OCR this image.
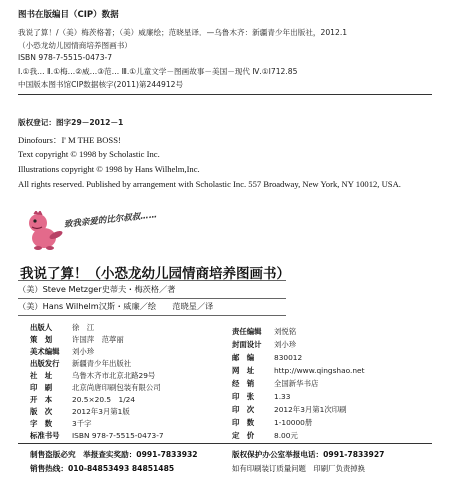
图书在版编目（CIP）数据
我说了算！/（美）梅茨格著；（美）威廉绘；范晓星译．—乌鲁木齐：新疆青少年出版社，2012.1
（小恐龙幼儿园情商培养图画书）
ISBN 978-7-5515-0473-7
Ⅰ.①我… Ⅱ.①梅…②威…③范… Ⅲ.①儿童文学－图画故事－美国－现代 Ⅳ.①I712.85
中国版本图书馆CIP数据核字(2011)第244912号
版权登记：图字29－2012－1
Dinofours：I' M THE BOSS!
Text copyright © 1998 by Scholastic Inc.
Illustrations copyright © 1998 by Hans Wilhelm,Inc.
All rights reserved. Published by arrangement with Scholastic Inc. 557 Broadway, New York, NY 10012, USA.
致我亲爱的比尔叔叔……
我说了算！（小恐龙幼儿园情商培养图画书）
（美）Steve Metzger史蒂夫・梅茨格／著
（美）Hans Wilhelm汉斯・威廉／绘　　范晓星／译
出版人	徐　江
策　划	许国萍　范葶丽
美术编辑 刘小珍
出版发行 新疆青少年出版社
社　址	乌鲁木齐市北京北路29号
印　刷	北京尚唐印刷包装有限公司
开　本	20.5×20.5　1/24
版　次	2012年3月第1版
字　数	3千字
标准书号 ISBN 978-7-5515-0473-7
责任编辑 刘悦铭
封面设计 刘小珍
邮　编	830012
网　址	http://www.qingshao.net
经　销	全国新华书店
印　张	1.33
印　次	2012年3月第1次印刷
印　数	1-10000册
定　价	8.00元
制售盗版必究　举报查实奖励：0991-7833932
销售热线：010-84853493 84851485
版权保护办公室举报电话：0991-7833927
如有印刷装订质量问题　印刷厂负责掉换
